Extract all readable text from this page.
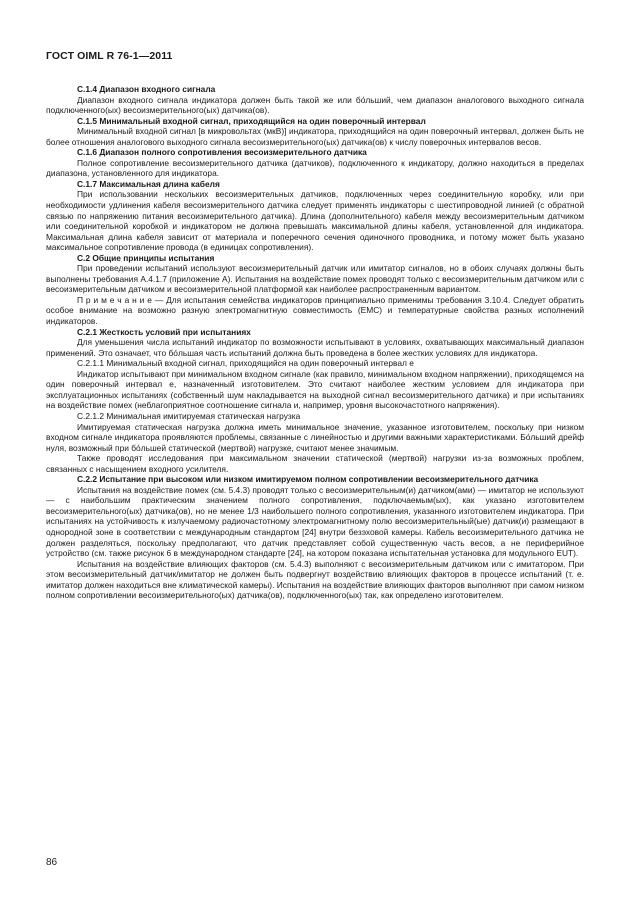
ГОСТ OIML R 76-1—2011

С.1.4 Диапазон входного сигнала

Диапазон входного сигнала индикатора должен быть такой же или бо́льший, чем диапазон аналогового выходного сигнала подключенного(ых) весоизмерительного(ых) датчика(ов).

С.1.5 Минимальный входной сигнал, приходящийся на один поверочный интервал

Минимальный входной сигнал [в микровольтах (мкВ)] индикатора, приходящийся на один поверочный интервал, должен быть не более отношения аналогового выходного сигнала весоизмерительного(ых) датчика(ов) к числу поверочных интервалов весов.

С.1.6 Диапазон полного сопротивления весоизмерительного датчика

Полное сопротивление весоизмерительного датчика (датчиков), подключенного к индикатору, должно находиться в пределах диапазона, установленного для индикатора.

С.1.7 Максимальная длина кабеля

При использовании нескольких весоизмерительных датчиков, подключенных через соединительную коробку, или при необходимости удлинения кабеля весоизмерительного датчика следует применять индикаторы с шестипроводной линией (с обратной связью по напряжению питания весоизмерительного датчика). Длина (дополнительного) кабеля между весоизмерительным датчиком или соединительной коробкой и индикатором не должна превышать максимальной длины кабеля, установленной для индикатора. Максимальная длина кабеля зависит от материала и поперечного сечения одиночного проводника, и потому может быть указано максимальное сопротивление провода (в единицах сопротивления).

С.2 Общие принципы испытания

При проведении испытаний используют весоизмерительный датчик или имитатор сигналов, но в обоих случаях должны быть выполнены требования А.4.1.7 (приложение А). Испытания на воздействие помех проводят только с весоизмерительным датчиком или с весоизмерительным датчиком и весоизмерительной платформой как наиболее распространенным вариантом.

П р и м е ч а н и е — Для испытания семейства индикаторов принципиально применимы требования 3.10.4. Следует обратить особое внимание на возможно разную электромагнитную совместимость (ЕМС) и температурные свойства разных исполнений индикаторов.

С.2.1 Жесткость условий при испытаниях

Для уменьшения числа испытаний индикатор по возможности испытывают в условиях, охватывающих максимальный диапазон применений. Это означает, что бо́льшая часть испытаний должна быть проведена в более жестких условиях для индикатора.

С.2.1.1 Минимальный входной сигнал, приходящийся на один поверочный интервал е

Индикатор испытывают при минимальном входном сигнале (как правило, минимальном входном напряжении), приходящемся на один поверочный интервал е, назначенный изготовителем. Это считают наиболее жестким условием для индикатора при эксплуатационных испытаниях (собственный шум накладывается на выходной сигнал весоизмерительного датчика) и при испытаниях на воздействие помех (неблагоприятное соотношение сигнала и, например, уровня высокочастотного напряжения).

С.2.1.2 Минимальная имитируемая статическая нагрузка

Имитируемая статическая нагрузка должна иметь минимальное значение, указанное изготовителем, поскольку при низком входном сигнале индикатора проявляются проблемы, связанные с линейностью и другими важными характеристиками. Бо́льший дрейф нуля, возможный при бо́льшей статической (мертвой) нагрузке, считают менее значимым.

Также проводят исследования при максимальном значении статической (мертвой) нагрузки из-за возможных проблем, связанных с насыщением входного усилителя.

С.2.2 Испытание при высоком или низком имитируемом полном сопротивлении весоизмерительного датчика

Испытания на воздействие помех (см. 5.4.3) проводят только с весоизмерительным(и) датчиком(ами) — имитатор не используют — с наибольшим практическим значением полного сопротивления, подключаемым(ых), как указано изготовителем весоизмерительного(ых) датчика(ов), но не менее 1/3 наибольшего полного сопротивления, указанного изготовителем индикатора. При испытаниях на устойчивость к излучаемому радиочастотному электромагнитному полю весоизмерительный(ые) датчик(и) размещают в однородной зоне в соответствии с международным стандартом [24] внутри безэховой камеры. Кабель весоизмерительного датчика не должен разделяться, поскольку предполагают, что датчик представляет собой существенную часть весов, а не периферийное устройство (см. также рисунок 6 в международном стандарте [24], на котором показана испытательная установка для модульного EUT).

Испытания на воздействие влияющих факторов (см. 5.4.3) выполняют с весоизмерительным датчиком или с имитатором. При этом весоизмерительный датчик/имитатор не должен быть подвергнут воздействию влияющих факторов в процессе испытаний (т. е. имитатор должен находиться вне климатической камеры). Испытания на воздействие влияющих факторов выполняют при самом низком полном сопротивлении весоизмерительного(ых) датчика(ов), подключенного(ых) так, как определено изготовителем.

86
